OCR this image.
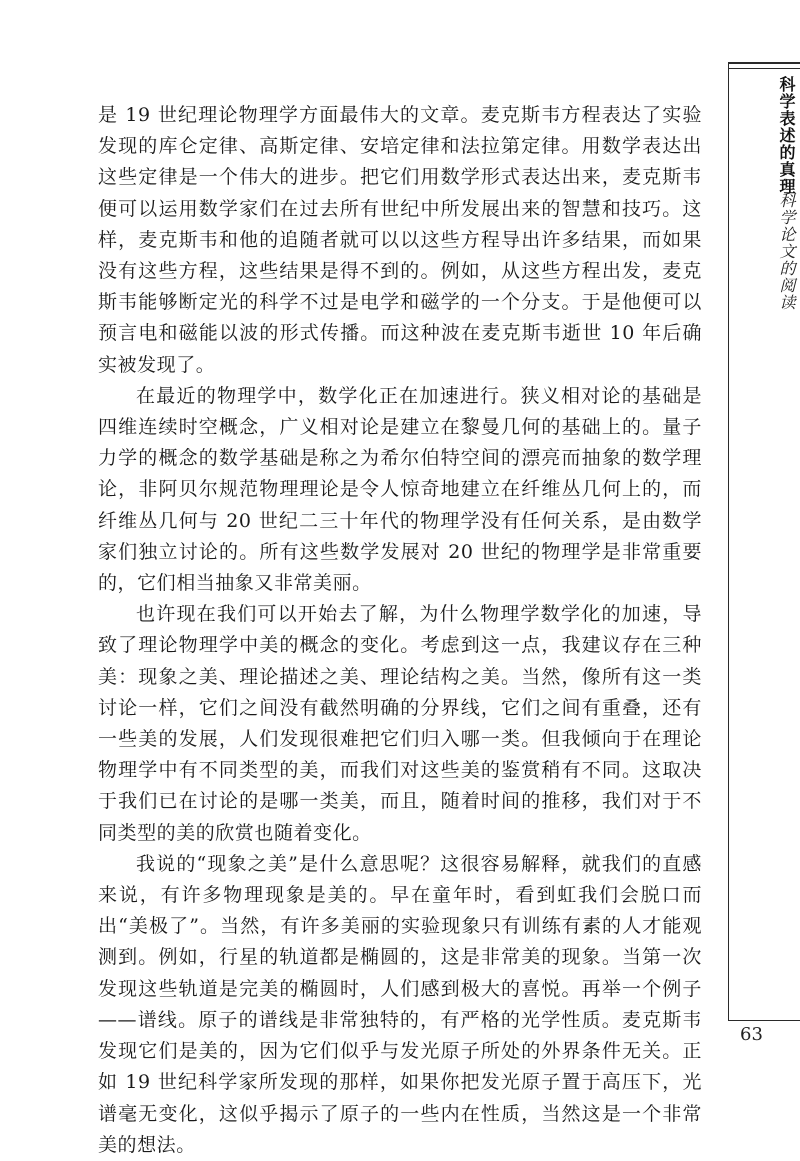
科学表述的真理
科学论文的阅读

是 19 世纪理论物理学方面最伟大的文章。麦克斯韦方程表达了实验发现的库仑定律、高斯定律、安培定律和法拉第定律。用数学表达出这些定律是一个伟大的进步。把它们用数学形式表达出来，麦克斯韦便可以运用数学家们在过去所有世纪中所发展出来的智慧和技巧。这样，麦克斯韦和他的追随者就可以以这些方程导出许多结果，而如果没有这些方程，这些结果是得不到的。例如，从这些方程出发，麦克斯韦能够断定光的科学不过是电学和磁学的一个分支。于是他便可以预言电和磁能以波的形式传播。而这种波在麦克斯韦逝世 10 年后确实被发现了。

在最近的物理学中，数学化正在加速进行。狭义相对论的基础是四维连续时空概念，广义相对论是建立在黎曼几何的基础上的。量子力学的概念的数学基础是称之为希尔伯特空间的漂亮而抽象的数学理论，非阿贝尔规范物理理论是令人惊奇地建立在纤维丛几何上的，而纤维丛几何与 20 世纪二三十年代的物理学没有任何关系，是由数学家们独立讨论的。所有这些数学发展对 20 世纪的物理学是非常重要的，它们相当抽象又非常美丽。

也许现在我们可以开始去了解，为什么物理学数学化的加速，导致了理论物理学中美的概念的变化。考虑到这一点，我建议存在三种美：现象之美、理论描述之美、理论结构之美。当然，像所有这一类讨论一样，它们之间没有截然明确的分界线，它们之间有重叠，还有一些美的发展，人们发现很难把它们归入哪一类。但我倾向于在理论物理学中有不同类型的美，而我们对这些美的鉴赏稍有不同。这取决于我们已在讨论的是哪一类美，而且，随着时间的推移，我们对于不同类型的美的欣赏也随着变化。

我说的“现象之美”是什么意思呢？这很容易解释，就我们的直感来说，有许多物理现象是美的。早在童年时，看到虹我们会脱口而出“美极了”。当然，有许多美丽的实验现象只有训练有素的人才能观测到。例如，行星的轨道都是椭圆的，这是非常美的现象。当第一次发现这些轨道是完美的椭圆时，人们感到极大的喜悦。再举一个例子——谱线。原子的谱线是非常独特的，有严格的光学性质。麦克斯韦发现它们是美的，因为它们似乎与发光原子所处的外界条件无关。正如 19 世纪科学家所发现的那样，如果你把发光原子置于高压下，光谱毫无变化，这似乎揭示了原子的一些内在性质，当然这是一个非常美的想法。

63
